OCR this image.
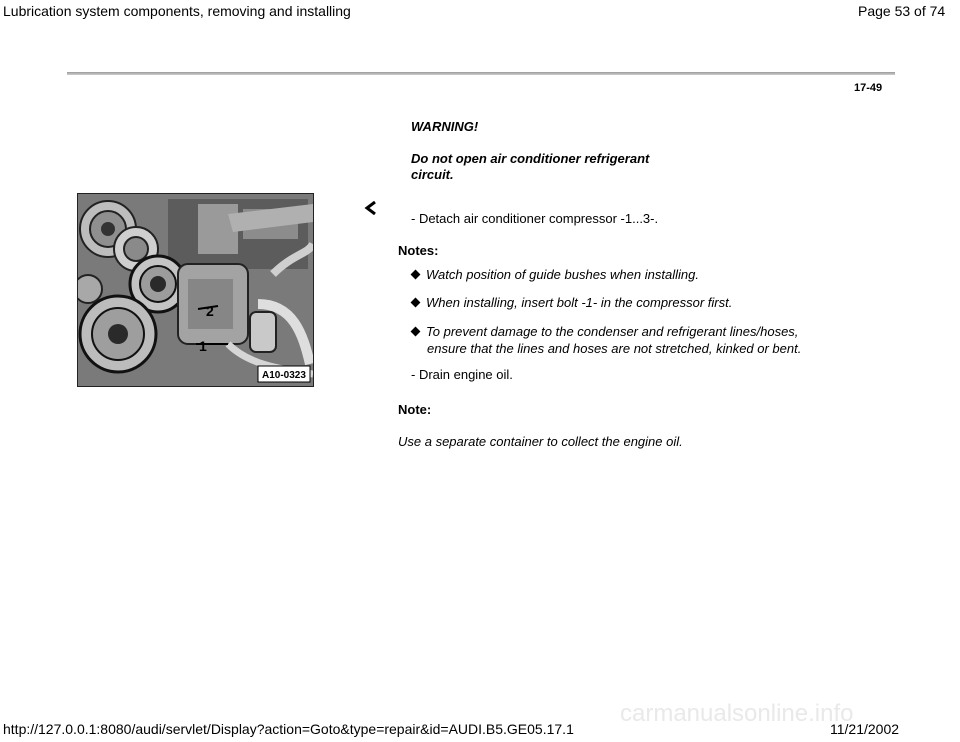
Lubrication system components, removing and installing	Page 53 of 74
17-49
WARNING!
Do not open air conditioner refrigerant
circuit.
1
2
A10-0323
- Detach air conditioner compressor -1...3-.
Notes:
Watch position of guide bushes when installing.
When installing, insert bolt -1- in the compressor first.
To prevent damage to the condenser and refrigerant lines/hoses,
ensure that the lines and hoses are not stretched, kinked or bent.
- Drain engine oil.
Note:
Use a separate container to collect the engine oil.
carmanualsonline.info
http://127.0.0.1:8080/audi/servlet/Display?action=Goto&type=repair&id=AUDI.B5.GE05.17.1	11/21/2002
